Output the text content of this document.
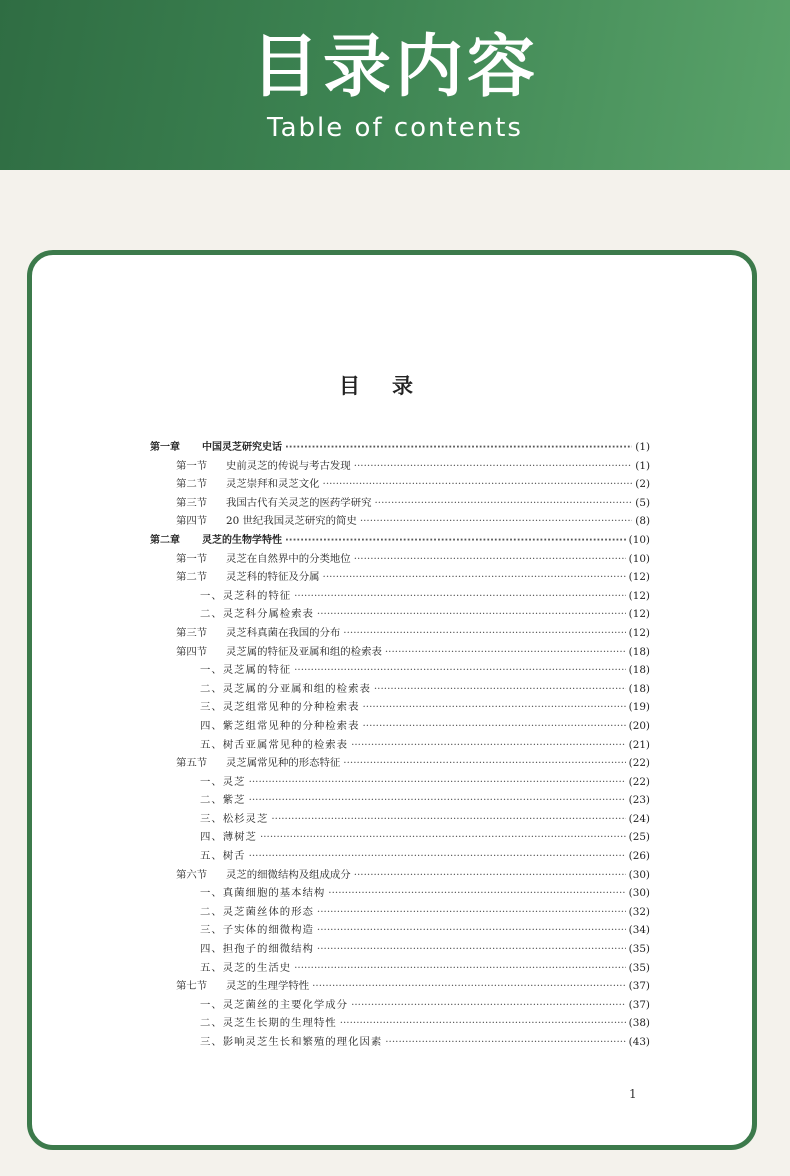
目录内容
Table of contents
目录
第一章 中国灵芝研究史话 ·····	(1)
第一节 史前灵芝的传说与考古发现 ·····	(1)
第二节 灵芝崇拜和灵芝文化 ·····	(2)
第三节 我国古代有关灵芝的医药学研究 ·····	(5)
第四节 20 世纪我国灵芝研究的简史 ·····	(8)
第二章 灵芝的生物学特性 ·····	(10)
第一节 灵芝在自然界中的分类地位 ·····	(10)
第二节 灵芝科的特征及分属 ·····	(12)
一、灵芝科的特征 ·····	(12)
二、灵芝科分属检索表 ·····	(12)
第三节 灵芝科真菌在我国的分布 ·····	(12)
第四节 灵芝属的特征及亚属和组的检索表 ·····	(18)
一、灵芝属的特征 ·····	(18)
二、灵芝属的分亚属和组的检索表 ·····	(18)
三、灵芝组常见种的分种检索表 ·····	(19)
四、紫芝组常见种的分种检索表 ·····	(20)
五、树舌亚属常见种的检索表 ·····	(21)
第五节 灵芝属常见种的形态特征 ·····	(22)
一、灵芝 ·····	(22)
二、紫芝 ·····	(23)
三、松杉灵芝 ·····	(24)
四、薄树芝 ·····	(25)
五、树舌 ·····	(26)
第六节 灵芝的细微结构及组成成分 ·····	(30)
一、真菌细胞的基本结构 ·····	(30)
二、灵芝菌丝体的形态 ·····	(32)
三、子实体的细微构造 ·····	(34)
四、担孢子的细微结构 ·····	(35)
五、灵芝的生活史 ·····	(35)
第七节 灵芝的生理学特性 ·····	(37)
一、灵芝菌丝的主要化学成分 ·····	(37)
二、灵芝生长期的生理特性 ·····	(38)
三、影响灵芝生长和繁殖的理化因素 ·····	(43)
1
